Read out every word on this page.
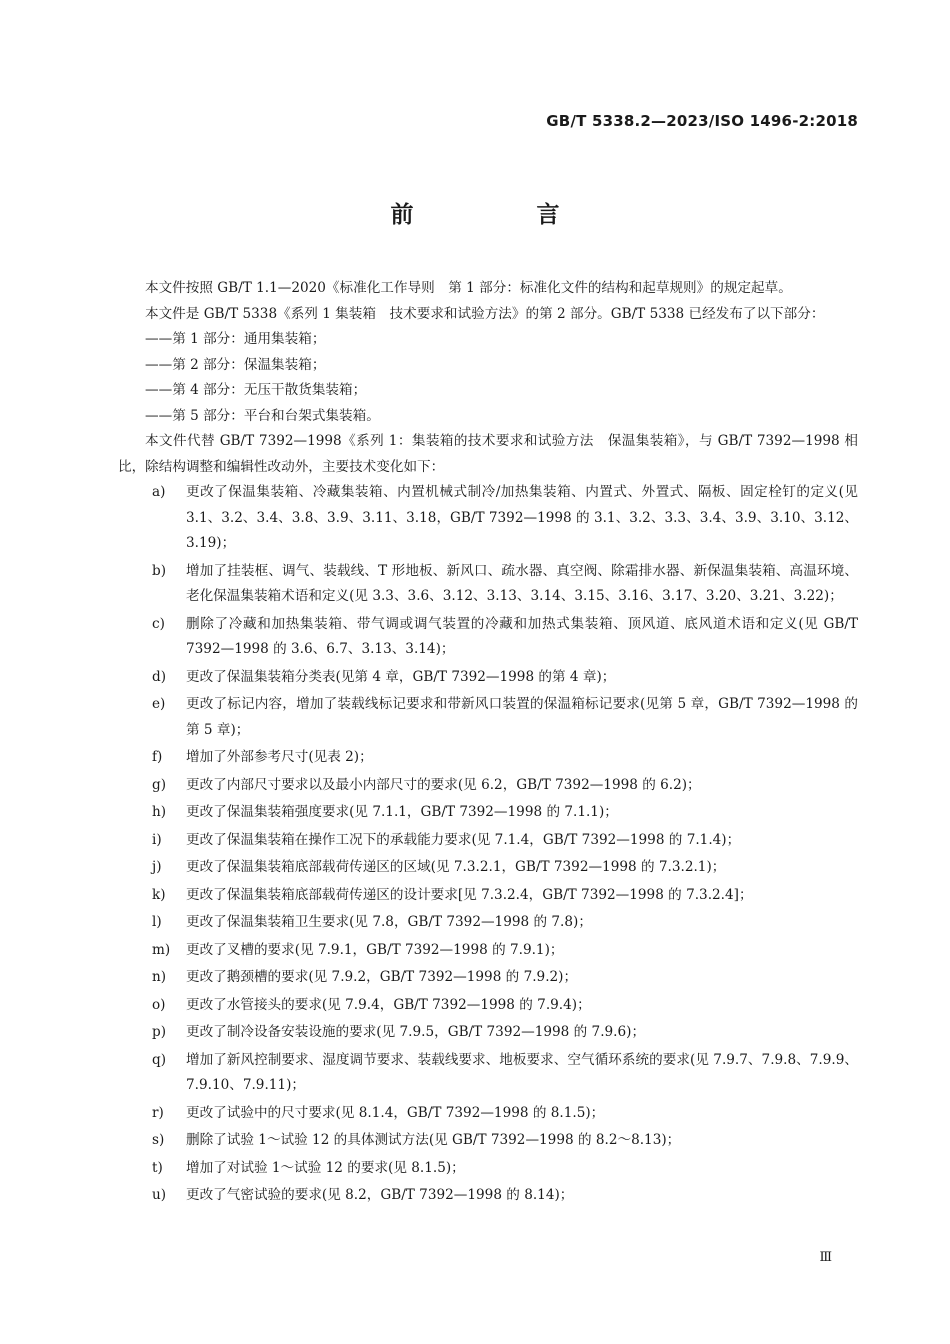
GB/T 5338.2—2023/ISO 1496-2:2018
前　言
本文件按照 GB/T 1.1—2020《标准化工作导则　第 1 部分：标准化文件的结构和起草规则》的规定起草。
本文件是 GB/T 5338《系列 1 集装箱　技术要求和试验方法》的第 2 部分。GB/T 5338 已经发布了以下部分：
——第 1 部分：通用集装箱；
——第 2 部分：保温集装箱；
——第 4 部分：无压干散货集装箱；
——第 5 部分：平台和台架式集装箱。
本文件代替 GB/T 7392—1998《系列 1：集装箱的技术要求和试验方法　保温集装箱》，与 GB/T 7392—1998 相比，除结构调整和编辑性改动外，主要技术变化如下：
a)	更改了保温集装箱、冷藏集装箱、内置机械式制冷/加热集装箱、内置式、外置式、隔板、固定栓钉的定义(见 3.1、3.2、3.4、3.8、3.9、3.11、3.18，GB/T 7392—1998 的 3.1、3.2、3.3、3.4、3.9、3.10、3.12、3.19)；
b)	增加了挂装框、调气、装载线、T 形地板、新风口、疏水器、真空阀、除霜排水器、新保温集装箱、高温环境、老化保温集装箱术语和定义(见 3.3、3.6、3.12、3.13、3.14、3.15、3.16、3.17、3.20、3.21、3.22)；
c)	删除了冷藏和加热集装箱、带气调或调气装置的冷藏和加热式集装箱、顶风道、底风道术语和定义(见 GB/T 7392—1998 的 3.6、6.7、3.13、3.14)；
d)	更改了保温集装箱分类表(见第 4 章，GB/T 7392—1998 的第 4 章)；
e)	更改了标记内容，增加了装载线标记要求和带新风口装置的保温箱标记要求(见第 5 章，GB/T 7392—1998 的第 5 章)；
f)	增加了外部参考尺寸(见表 2)；
g)	更改了内部尺寸要求以及最小内部尺寸的要求(见 6.2，GB/T 7392—1998 的 6.2)；
h)	更改了保温集装箱强度要求(见 7.1.1，GB/T 7392—1998 的 7.1.1)；
i)	更改了保温集装箱在操作工况下的承载能力要求(见 7.1.4，GB/T 7392—1998 的 7.1.4)；
j)	更改了保温集装箱底部载荷传递区的区域(见 7.3.2.1，GB/T 7392—1998 的 7.3.2.1)；
k)	更改了保温集装箱底部载荷传递区的设计要求[见 7.3.2.4，GB/T 7392—1998 的 7.3.2.4]；
l)	更改了保温集装箱卫生要求(见 7.8，GB/T 7392—1998 的 7.8)；
m)	更改了叉槽的要求(见 7.9.1，GB/T 7392—1998 的 7.9.1)；
n)	更改了鹅颈槽的要求(见 7.9.2，GB/T 7392—1998 的 7.9.2)；
o)	更改了水管接头的要求(见 7.9.4，GB/T 7392—1998 的 7.9.4)；
p)	更改了制冷设备安装设施的要求(见 7.9.5，GB/T 7392—1998 的 7.9.6)；
q)	增加了新风控制要求、湿度调节要求、装载线要求、地板要求、空气循环系统的要求(见 7.9.7、7.9.8、7.9.9、7.9.10、7.9.11)；
r)	更改了试验中的尺寸要求(见 8.1.4，GB/T 7392—1998 的 8.1.5)；
s)	删除了试验 1～试验 12 的具体测试方法(见 GB/T 7392—1998 的 8.2～8.13)；
t)	增加了对试验 1～试验 12 的要求(见 8.1.5)；
u)	更改了气密试验的要求(见 8.2，GB/T 7392—1998 的 8.14)；
Ⅲ
